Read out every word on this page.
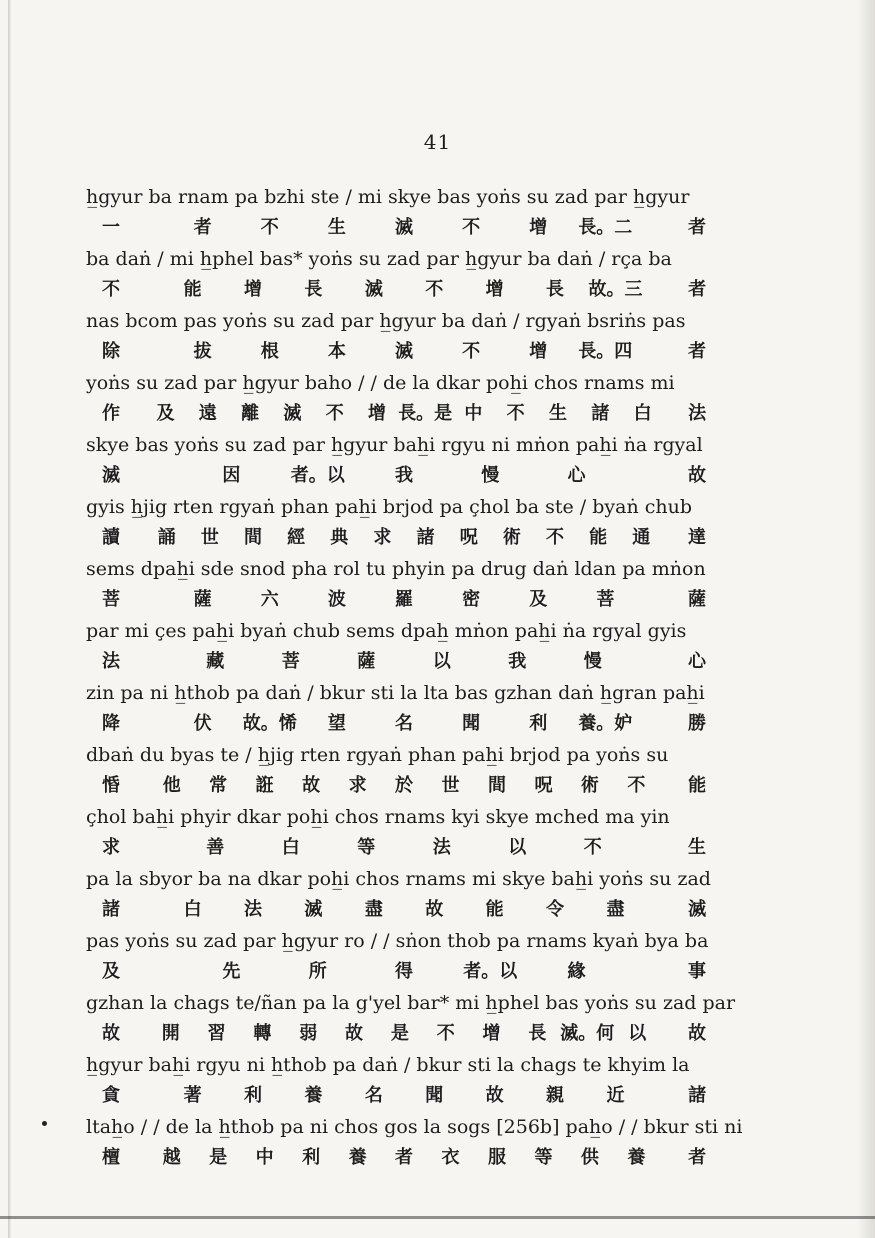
41
h̲gyur ba rnam pa bzhi ste / mi skye bas yoṅs su zad par h̲gyur
一	者	不	生	滅	不	增	長。二	者
ba daṅ / mi h̲phel bas* yoṅs su zad par h̲gyur ba daṅ / rça ba
不	能	增	長	滅	不	增	長	故。三	者
nas bcom pas yoṅs su zad par h̲gyur ba daṅ / rgyaṅ bsriṅs pas
除	拔	根	本	滅	不	增	長。四	者
yoṅs su zad par h̲gyur baho / / de la dkar poh̲i chos rnams mi
作	及	遠	離	滅	不	增 長。是 中	不	生	諸	白	法
skye bas yoṅs su zad par h̲gyur bah̲i rgyu ni mṅon pah̲i ṅa rgyal
滅	因	者。以	我	慢	心	故
gyis h̲jig rten rgyaṅ phan pah̲i brjod pa çhol ba ste / byaṅ chub
讀	誦	世	間	經	典	求	諸	呪	術	不	能	通	達
sems dpah̲i sde snod pha rol tu phyin pa drug daṅ ldan pa mṅon
菩	薩	六	波	羅	密	及	菩	薩
par mi çes pah̲i byaṅ chub sems dpah̲ mṅon pah̲i ṅa rgyal gyis
法	藏	菩	薩	以	我	慢	心
zin pa ni h̲thob pa daṅ / bkur sti la lta bas gzhan daṅ h̲gran pah̲i
降	伏	故。悕	望	名	聞	利	養。妒	勝
dbaṅ du byas te / h̲jig rten rgyaṅ phan pah̲i brjod pa yoṅs su
惛	他	常	誑	故	求	於	世	間	呪	術	不	能
çhol bah̲i phyir dkar poh̲i chos rnams kyi skye mched ma yin
求	善	白	等	法	以	不	生
pa la sbyor ba na dkar poh̲i chos rnams mi skye bah̲i yoṅs su zad
諸	白	法	滅	盡	故	能	令	盡	滅
pas yoṅs su zad par h̲gyur ro / / sṅon thob pa rnams kyaṅ bya ba
及	先	所	得	者。以	緣	事
gzhan la chags te/ñan pa la g'yel bar* mi h̲phel bas yoṅs su zad par
故	開	習	轉	弱	故	是	不	增	長 滅。何 以	故
h̲gyur bah̲i rgyu ni h̲thob pa daṅ / bkur sti la chags te khyim la
貪	著	利	養	名	聞	故	親	近	諸
ltah̲o / / de la h̲thob pa ni chos gos la sogs [256b] pah̲o / / bkur sti ni
檀	越	是	中	利	養	者	衣	服	等	供	養	者
